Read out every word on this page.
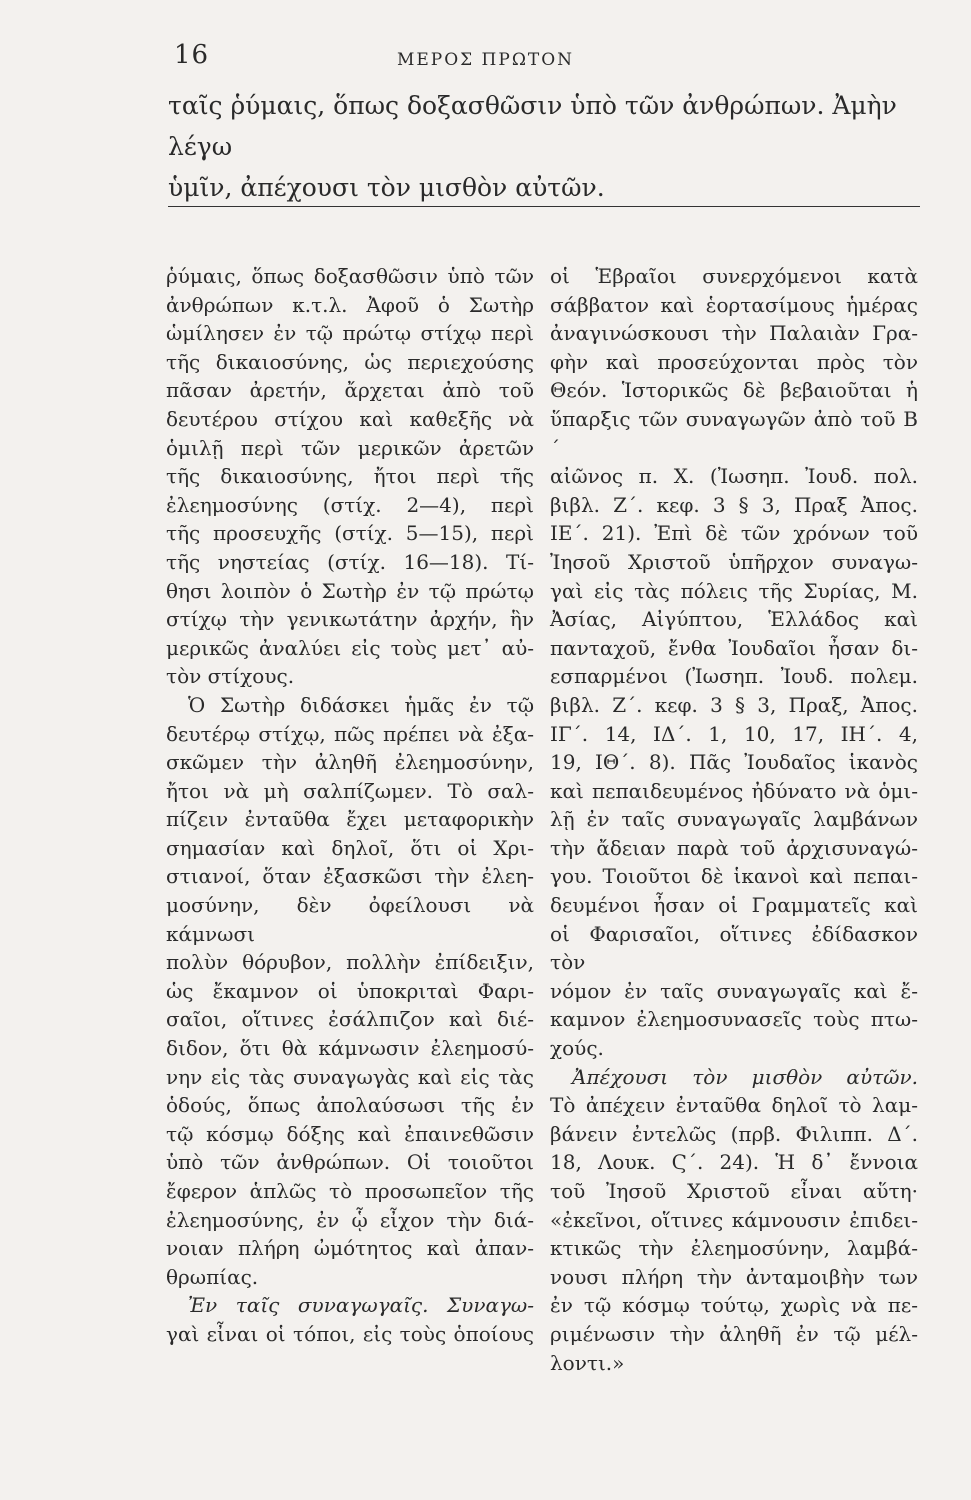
16	ΜΕΡΟΣ ΠΡΩΤΟΝ

ταῖς ῥύμαις, ὅπως δοξασθῶσιν ὑπὸ τῶν ἀνθρώπων. Ἀμὴν λέγω

ὑμῖν, ἀπέχουσι τὸν μισθὸν αὐτῶν.

ῥύμαις, ὅπως δοξασθῶσιν ὑπὸ τῶν
ἀνθρώπων κ.τ.λ. Ἀφοῦ ὁ Σωτὴρ
ὡμίλησεν ἐν τῷ πρώτῳ στίχῳ περὶ
τῆς δικαιοσύνης, ὡς περιεχούσης
πᾶσαν ἀρετήν, ἄρχεται ἀπὸ τοῦ
δευτέρου στίχου καὶ καθεξῆς νὰ
ὁμιλῇ περὶ τῶν μερικῶν ἀρετῶν
τῆς δικαιοσύνης, ἤτοι περὶ τῆς
ἐλεημοσύνης (στίχ. 2—4), περὶ
τῆς προσευχῆς (στίχ. 5—15), περὶ
τῆς νηστείας (στίχ. 16—18). Τί-
θησι λοιπὸν ὁ Σωτὴρ ἐν τῷ πρώτῳ
στίχῳ τὴν γενικωτάτην ἀρχήν, ἣν
μερικῶς ἀναλύει εἰς τοὺς μετ᾽ αὐ-
τὸν στίχους.
Ὁ Σωτὴρ διδάσκει ἡμᾶς ἐν τῷ
δευτέρῳ στίχῳ, πῶς πρέπει νὰ ἐξα-
σκῶμεν τὴν ἀληθῆ ἐλεημοσύνην,
ἤτοι νὰ μὴ σαλπίζωμεν. Τὸ σαλ-
πίζειν ἐνταῦθα ἔχει μεταφορικὴν
σημασίαν καὶ δηλοῖ, ὅτι οἱ Χρι-
στιανοί, ὅταν ἐξασκῶσι τὴν ἐλεη-
μοσύνην, δὲν ὀφείλουσι νὰ κάμνωσι
πολὺν θόρυβον, πολλὴν ἐπίδειξιν,
ὡς ἔκαμνον οἱ ὑποκριταὶ Φαρι-
σαῖοι, οἵτινες ἐσάλπιζον καὶ διέ-
διδον, ὅτι θὰ κάμνωσιν ἐλεημοσύ-
νην εἰς τὰς συναγωγὰς καὶ εἰς τὰς
ὁδούς, ὅπως ἀπολαύσωσι τῆς ἐν
τῷ κόσμῳ δόξης καὶ ἐπαινεθῶσιν
ὑπὸ τῶν ἀνθρώπων. Οἱ τοιοῦτοι
ἔφερον ἁπλῶς τὸ προσωπεῖον τῆς
ἐλεημοσύνης, ἐν ᾧ εἶχον τὴν διά-
νοιαν πλήρη ὠμότητος καὶ ἀπαν-
θρωπίας.
Ἐν ταῖς συναγωγαῖς. Συναγω-
γαὶ εἶναι οἱ τόποι, εἰς τοὺς ὁποίους
οἱ Ἑβραῖοι συνερχόμενοι κατὰ
σάββατον καὶ ἑορτασίμους ἡμέρας
ἀναγινώσκουσι τὴν Παλαιὰν Γρα-
φὴν καὶ προσεύχονται πρὸς τὸν
Θεόν. Ἱστορικῶς δὲ βεβαιοῦται ἡ
ὕπαρξις τῶν συναγωγῶν ἀπὸ τοῦ Β´
αἰῶνος π. Χ. (Ἰωσηπ. Ἰουδ. πολ.
βιβλ. Ζ´. κεφ. 3 § 3, Πραξ Ἀπος.
ΙΕ´. 21). Ἐπὶ δὲ τῶν χρόνων τοῦ
Ἰησοῦ Χριστοῦ ὑπῆρχον συναγω-
γαὶ εἰς τὰς πόλεις τῆς Συρίας, Μ.
Ἀσίας, Αἰγύπτου, Ἑλλάδος καὶ
πανταχοῦ, ἔνθα Ἰουδαῖοι ἦσαν δι-
εσπαρμένοι (Ἰωσηπ. Ἰουδ. πολεμ.
βιβλ. Ζ´. κεφ. 3 § 3, Πραξ, Ἀπος.
ΙΓ´. 14, ΙΔ´. 1, 10, 17, ΙΗ´. 4,
19, ΙΘ´. 8). Πᾶς Ἰουδαῖος ἱκανὸς
καὶ πεπαιδευμένος ἠδύνατο νὰ ὁμι-
λῇ ἐν ταῖς συναγωγαῖς λαμβάνων
τὴν ἄδειαν παρὰ τοῦ ἀρχισυναγώ-
γου. Τοιοῦτοι δὲ ἱκανοὶ καὶ πεπαι-
δευμένοι ἦσαν οἱ Γραμματεῖς καὶ
οἱ Φαρισαῖοι, οἵτινες ἐδίδασκον τὸν
νόμον ἐν ταῖς συναγωγαῖς καὶ ἔ-
καμνον ἐλεημοσυνασεῖς τοὺς πτω-
χούς.
Ἀπέχουσι τὸν μισθὸν αὐτῶν.
Τὸ ἀπέχειν ἐνταῦθα δηλοῖ τὸ λαμ-
βάνειν ἐντελῶς (πρβ. Φιλιππ. Δ´.
18, Λουκ. Ϛ´. 24). Ἡ δ᾽ ἔννοια
τοῦ Ἰησοῦ Χριστοῦ εἶναι αὕτη·
«ἐκεῖνοι, οἵτινες κάμνουσιν ἐπιδει-
κτικῶς τὴν ἐλεημοσύνην, λαμβά-
νουσι πλήρη τὴν ἀνταμοιβὴν των
ἐν τῷ κόσμῳ τούτῳ, χωρὶς νὰ πε-
ριμένωσιν τὴν ἀληθῆ ἐν τῷ μέλ-
λοντι.»
